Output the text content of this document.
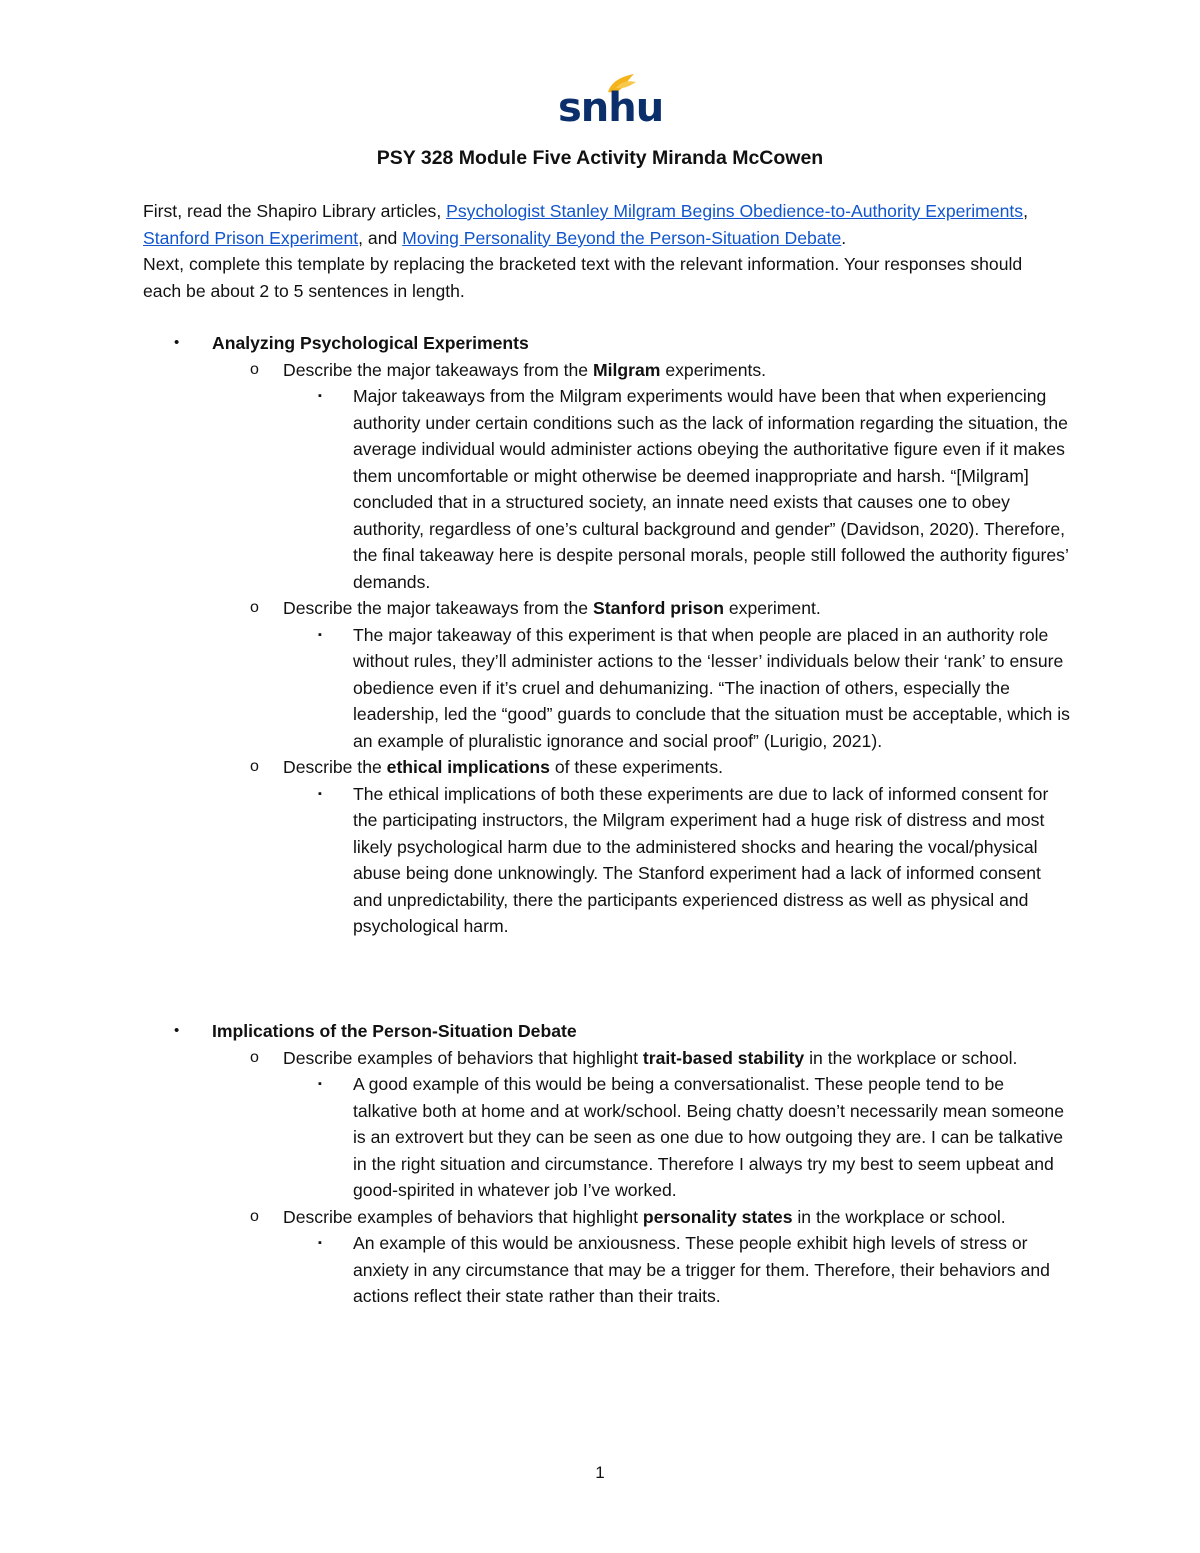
snhu
PSY 328 Module Five Activity Miranda McCowen

First, read the Shapiro Library articles, Psychologist Stanley Milgram Begins Obedience-to-Authority Experiments, Stanford Prison Experiment, and Moving Personality Beyond the Person-Situation Debate.

Next, complete this template by replacing the bracketed text with the relevant information. Your responses should each be about 2 to 5 sentences in length.

• Analyzing Psychological Experiments
o Describe the major takeaways from the Milgram experiments.
▪ Major takeaways from the Milgram experiments would have been that when experiencing authority under certain conditions such as the lack of information regarding the situation, the average individual would administer actions obeying the authoritative figure even if it makes them uncomfortable or might otherwise be deemed inappropriate and harsh. “[Milgram] concluded that in a structured society, an innate need exists that causes one to obey authority, regardless of one’s cultural background and gender” (Davidson, 2020). Therefore, the final takeaway here is despite personal morals, people still followed the authority figures’ demands.
o Describe the major takeaways from the Stanford prison experiment.
▪ The major takeaway of this experiment is that when people are placed in an authority role without rules, they’ll administer actions to the ‘lesser’ individuals below their ‘rank’ to ensure obedience even if it’s cruel and dehumanizing. “The inaction of others, especially the leadership, led the “good” guards to conclude that the situation must be acceptable, which is an example of pluralistic ignorance and social proof” (Lurigio, 2021).
o Describe the ethical implications of these experiments.
▪ The ethical implications of both these experiments are due to lack of informed consent for the participating instructors, the Milgram experiment had a huge risk of distress and most likely psychological harm due to the administered shocks and hearing the vocal/physical abuse being done unknowingly. The Stanford experiment had a lack of informed consent and unpredictability, there the participants experienced distress as well as physical and psychological harm.
• Implications of the Person-Situation Debate
o Describe examples of behaviors that highlight trait-based stability in the workplace or school.
▪ A good example of this would be being a conversationalist. These people tend to be talkative both at home and at work/school. Being chatty doesn’t necessarily mean someone is an extrovert but they can be seen as one due to how outgoing they are. I can be talkative in the right situation and circumstance. Therefore I always try my best to seem upbeat and good-spirited in whatever job I’ve worked.
o Describe examples of behaviors that highlight personality states in the workplace or school.
▪ An example of this would be anxiousness. These people exhibit high levels of stress or anxiety in any circumstance that may be a trigger for them. Therefore, their behaviors and actions reflect their state rather than their traits.
1
